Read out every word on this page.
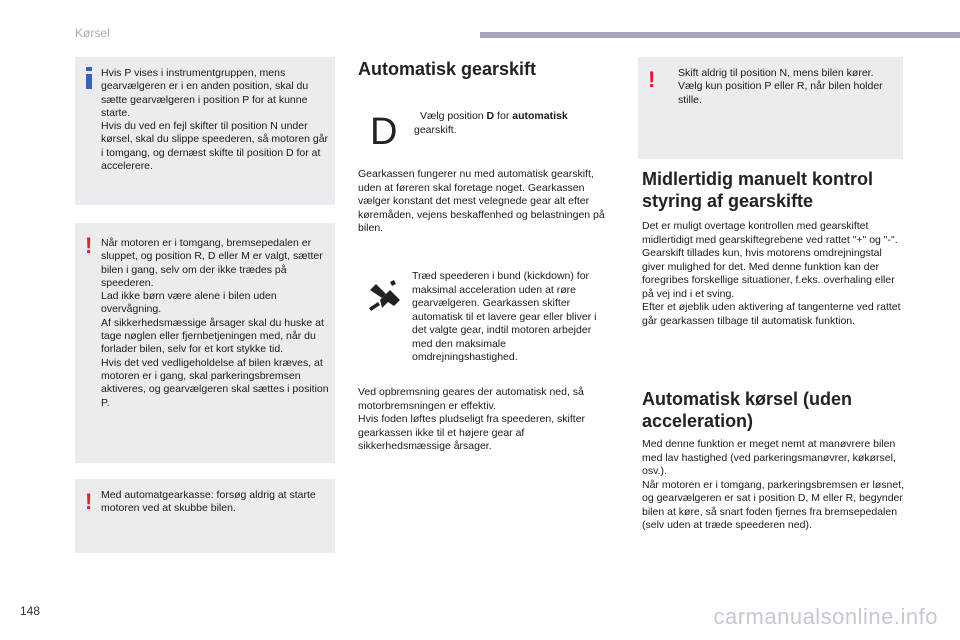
Kørsel
Hvis P vises i instrumentgruppen, mens gearvælgeren er i en anden position, skal du sætte gearvælgeren i position P for at kunne starte.
Hvis du ved en fejl skifter til position N under kørsel, skal du slippe speederen, så motoren går i tomgang, og dernæst skifte til position D for at accelerere.
! Når motoren er i tomgang, bremsepedalen er sluppet, og position R, D eller M er valgt, sætter bilen i gang, selv om der ikke trædes på speederen.
Lad ikke børn være alene i bilen uden overvågning.
Af sikkerhedsmæssige årsager skal du huske at tage nøglen eller fjernbetjeningen med, når du forlader bilen, selv for et kort stykke tid.
Hvis det ved vedligeholdelse af bilen kræves, at motoren er i gang, skal parkeringsbremsen aktiveres, og gearvælgeren skal sættes i position P.
! Med automatgearkasse: forsøg aldrig at starte motoren ved at skubbe bilen.
Automatisk gearskift
D	Vælg position D for automatisk
gearskift.
Gearkassen fungerer nu med automatisk gearskift, uden at føreren skal foretage noget. Gearkassen vælger konstant det mest velegnede gear alt efter køremåden, vejens beskaffenhed og belastningen på bilen.
Træd speederen i bund (kickdown) for maksimal acceleration uden at røre gearvælgeren. Gearkassen skifter automatisk til et lavere gear eller bliver i det valgte gear, indtil motoren arbejder med den maksimale omdrejningshastighed.
Ved opbremsning geares der automatisk ned, så motorbremsningen er effektiv.
Hvis foden løftes pludseligt fra speederen, skifter gearkassen ikke til et højere gear af sikkerhedsmæssige årsager.
! Skift aldrig til position N, mens bilen kører. Vælg kun position P eller R, når bilen holder stille.
Midlertidig manuelt kontrol styring af gearskifte
Det er muligt overtage kontrollen med gearskiftet midlertidigt med gearskiftegrebene ved rattet "+" og "-". Gearskift tillades kun, hvis motorens omdrejningstal giver mulighed for det. Med denne funktion kan der foregribes forskellige situationer, f.eks. overhaling eller på vej ind i et sving.
Efter et øjeblik uden aktivering af tangenterne ved rattet går gearkassen tilbage til automatisk funktion.
Automatisk kørsel (uden acceleration)
Med denne funktion er meget nemt at manøvrere bilen med lav hastighed (ved parkeringsmanøvrer, køkørsel, osv.).
Når motoren er i tomgang, parkeringsbremsen er løsnet, og gearvælgeren er sat i position D, M eller R, begynder bilen at køre, så snart foden fjernes fra bremsepedalen (selv uden at træde speederen ned).
148	carmanualsonline.info
